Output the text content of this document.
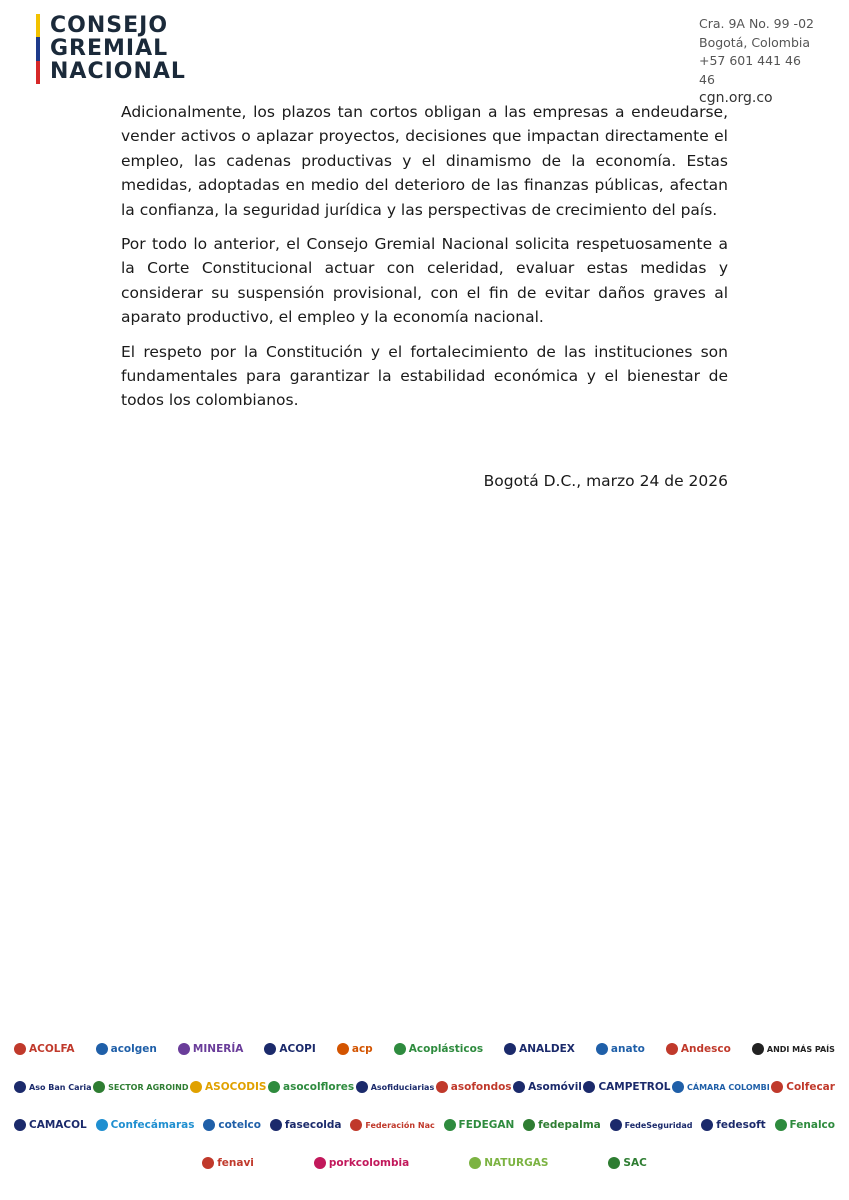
CONSEJO
GREMIAL
NACIONAL
Cra. 9A No. 99 -02
Bogotá, Colombia
+57 601 441 46 46
cgn.org.co

Adicionalmente, los plazos tan cortos obligan a las empresas a endeudarse, vender activos o aplazar proyectos, decisiones que impactan directamente el empleo, las cadenas productivas y el dinamismo de la economía. Estas medidas, adoptadas en medio del deterioro de las finanzas públicas, afectan la confianza, la seguridad jurídica y las perspectivas de crecimiento del país.

Por todo lo anterior, el Consejo Gremial Nacional solicita respetuosamente a la Corte Constitucional actuar con celeridad, evaluar estas medidas y considerar su suspensión provisional, con el fin de evitar daños graves al aparato productivo, el empleo y la economía nacional.

El respeto por la Constitución y el fortalecimiento de las instituciones son fundamentales para garantizar la estabilidad económica y el bienestar de todos los colombianos.

Bogotá D.C., marzo 24 de 2026
ACOLFA	acolgen	MINERÍA	ACOPI	acp	Acoplásticos	ANALDEX	anato	Andesco	ANDI MÁS PAÍS
Aso Ban Caria SECTOR AGROIND ASOCODIS asocolflores Asofiduciarias asofondos Asomóvil CAMPETROL CÁMARA COLOMBI Colfecar
CAMACOL Confecámaras cotelco fasecolda	Federación Nac FEDEGAN fedepalma	FedeSeguridad fedesoft Fenalco
fenavi	porkcolombia	NATURGAS	SAC
